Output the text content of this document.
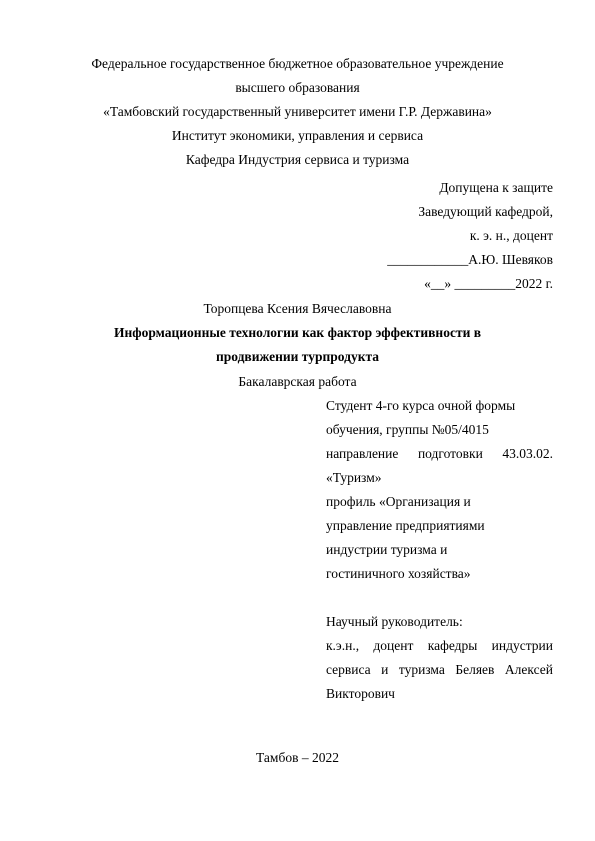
Федеральное государственное бюджетное образовательное учреждение
высшего образования
«Тамбовский государственный университет имени Г.Р. Державина»
Институт экономики, управления и сервиса
Кафедра Индустрия сервиса и туризма
Допущена к защите
Заведующий кафедрой,
к. э. н., доцент
____________А.Ю. Шевяков
«__» _________2022 г.
Торопцева Ксения Вячеславовна
Информационные технологии как фактор эффективности в
продвижении турпродукта
Бакалаврская работа
Студент 4-го курса очной формы
обучения, группы №05/4015
направление подготовки 43.03.02.
«Туризм»
профиль «Организация и
управление предприятиями
индустрии туризма и
гостиничного хозяйства»
Научный руководитель:
к.э.н., доцент кафедры индустрии
сервиса и туризма Беляев Алексей
Викторович
Тамбов – 2022
